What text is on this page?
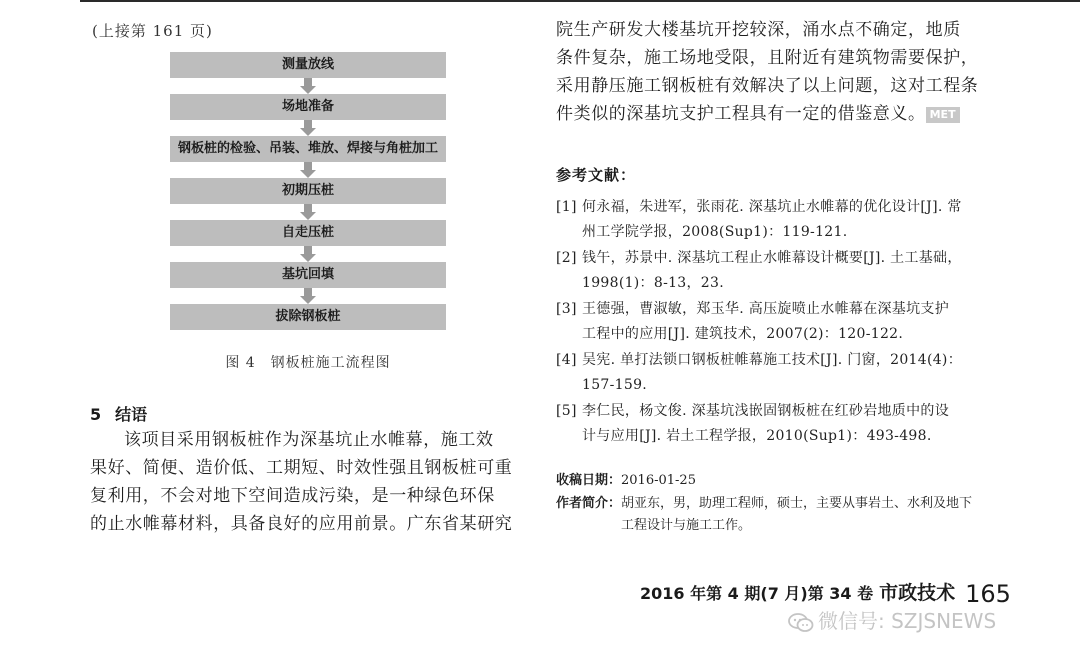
(上接第 161 页)
测量放线
场地准备
钢板桩的检验、吊装、堆放、焊接与角桩加工
初期压桩
自走压桩
基坑回填
拔除钢板桩
图 4　钢板桩施工流程图
5 结语
该项目采用钢板桩作为深基坑止水帷幕，施工效
果好、简便、造价低、工期短、时效性强且钢板桩可重
复利用，不会对地下空间造成污染，是一种绿色环保
的止水帷幕材料，具备良好的应用前景。广东省某研究
院生产研发大楼基坑开挖较深，涌水点不确定，地质
条件复杂，施工场地受限，且附近有建筑物需要保护，
采用静压施工钢板桩有效解决了以上问题，这对工程条
件类似的深基坑支护工程具有一定的借鉴意义。 MET
参考文献：
[1] 何永福，朱进军，张雨花. 深基坑止水帷幕的优化设计[J]. 常
州工学院学报，2008(Sup1)：119-121.
[2] 钱午，苏景中. 深基坑工程止水帷幕设计概要[J]. 土工基础，
1998(1)：8-13，23.
[3] 王德强，曹淑敏，郑玉华. 高压旋喷止水帷幕在深基坑支护
工程中的应用[J]. 建筑技术，2007(2)：120-122.
[4] 吴宪. 单打法锁口钢板桩帷幕施工技术[J]. 门窗，2014(4)：
157-159.
[5] 李仁民，杨文俊. 深基坑浅嵌固钢板桩在红砂岩地质中的设
计与应用[J]. 岩土工程学报，2010(Sup1)：493-498.
收稿日期：2016-01-25
作者简介：胡亚东，男，助理工程师，硕士，主要从事岩土、水利及地下
工程设计与施工工作。
2016 年第 4 期(7 月)第 34 卷 市政技术 165
微信号: SZJSNEWS
